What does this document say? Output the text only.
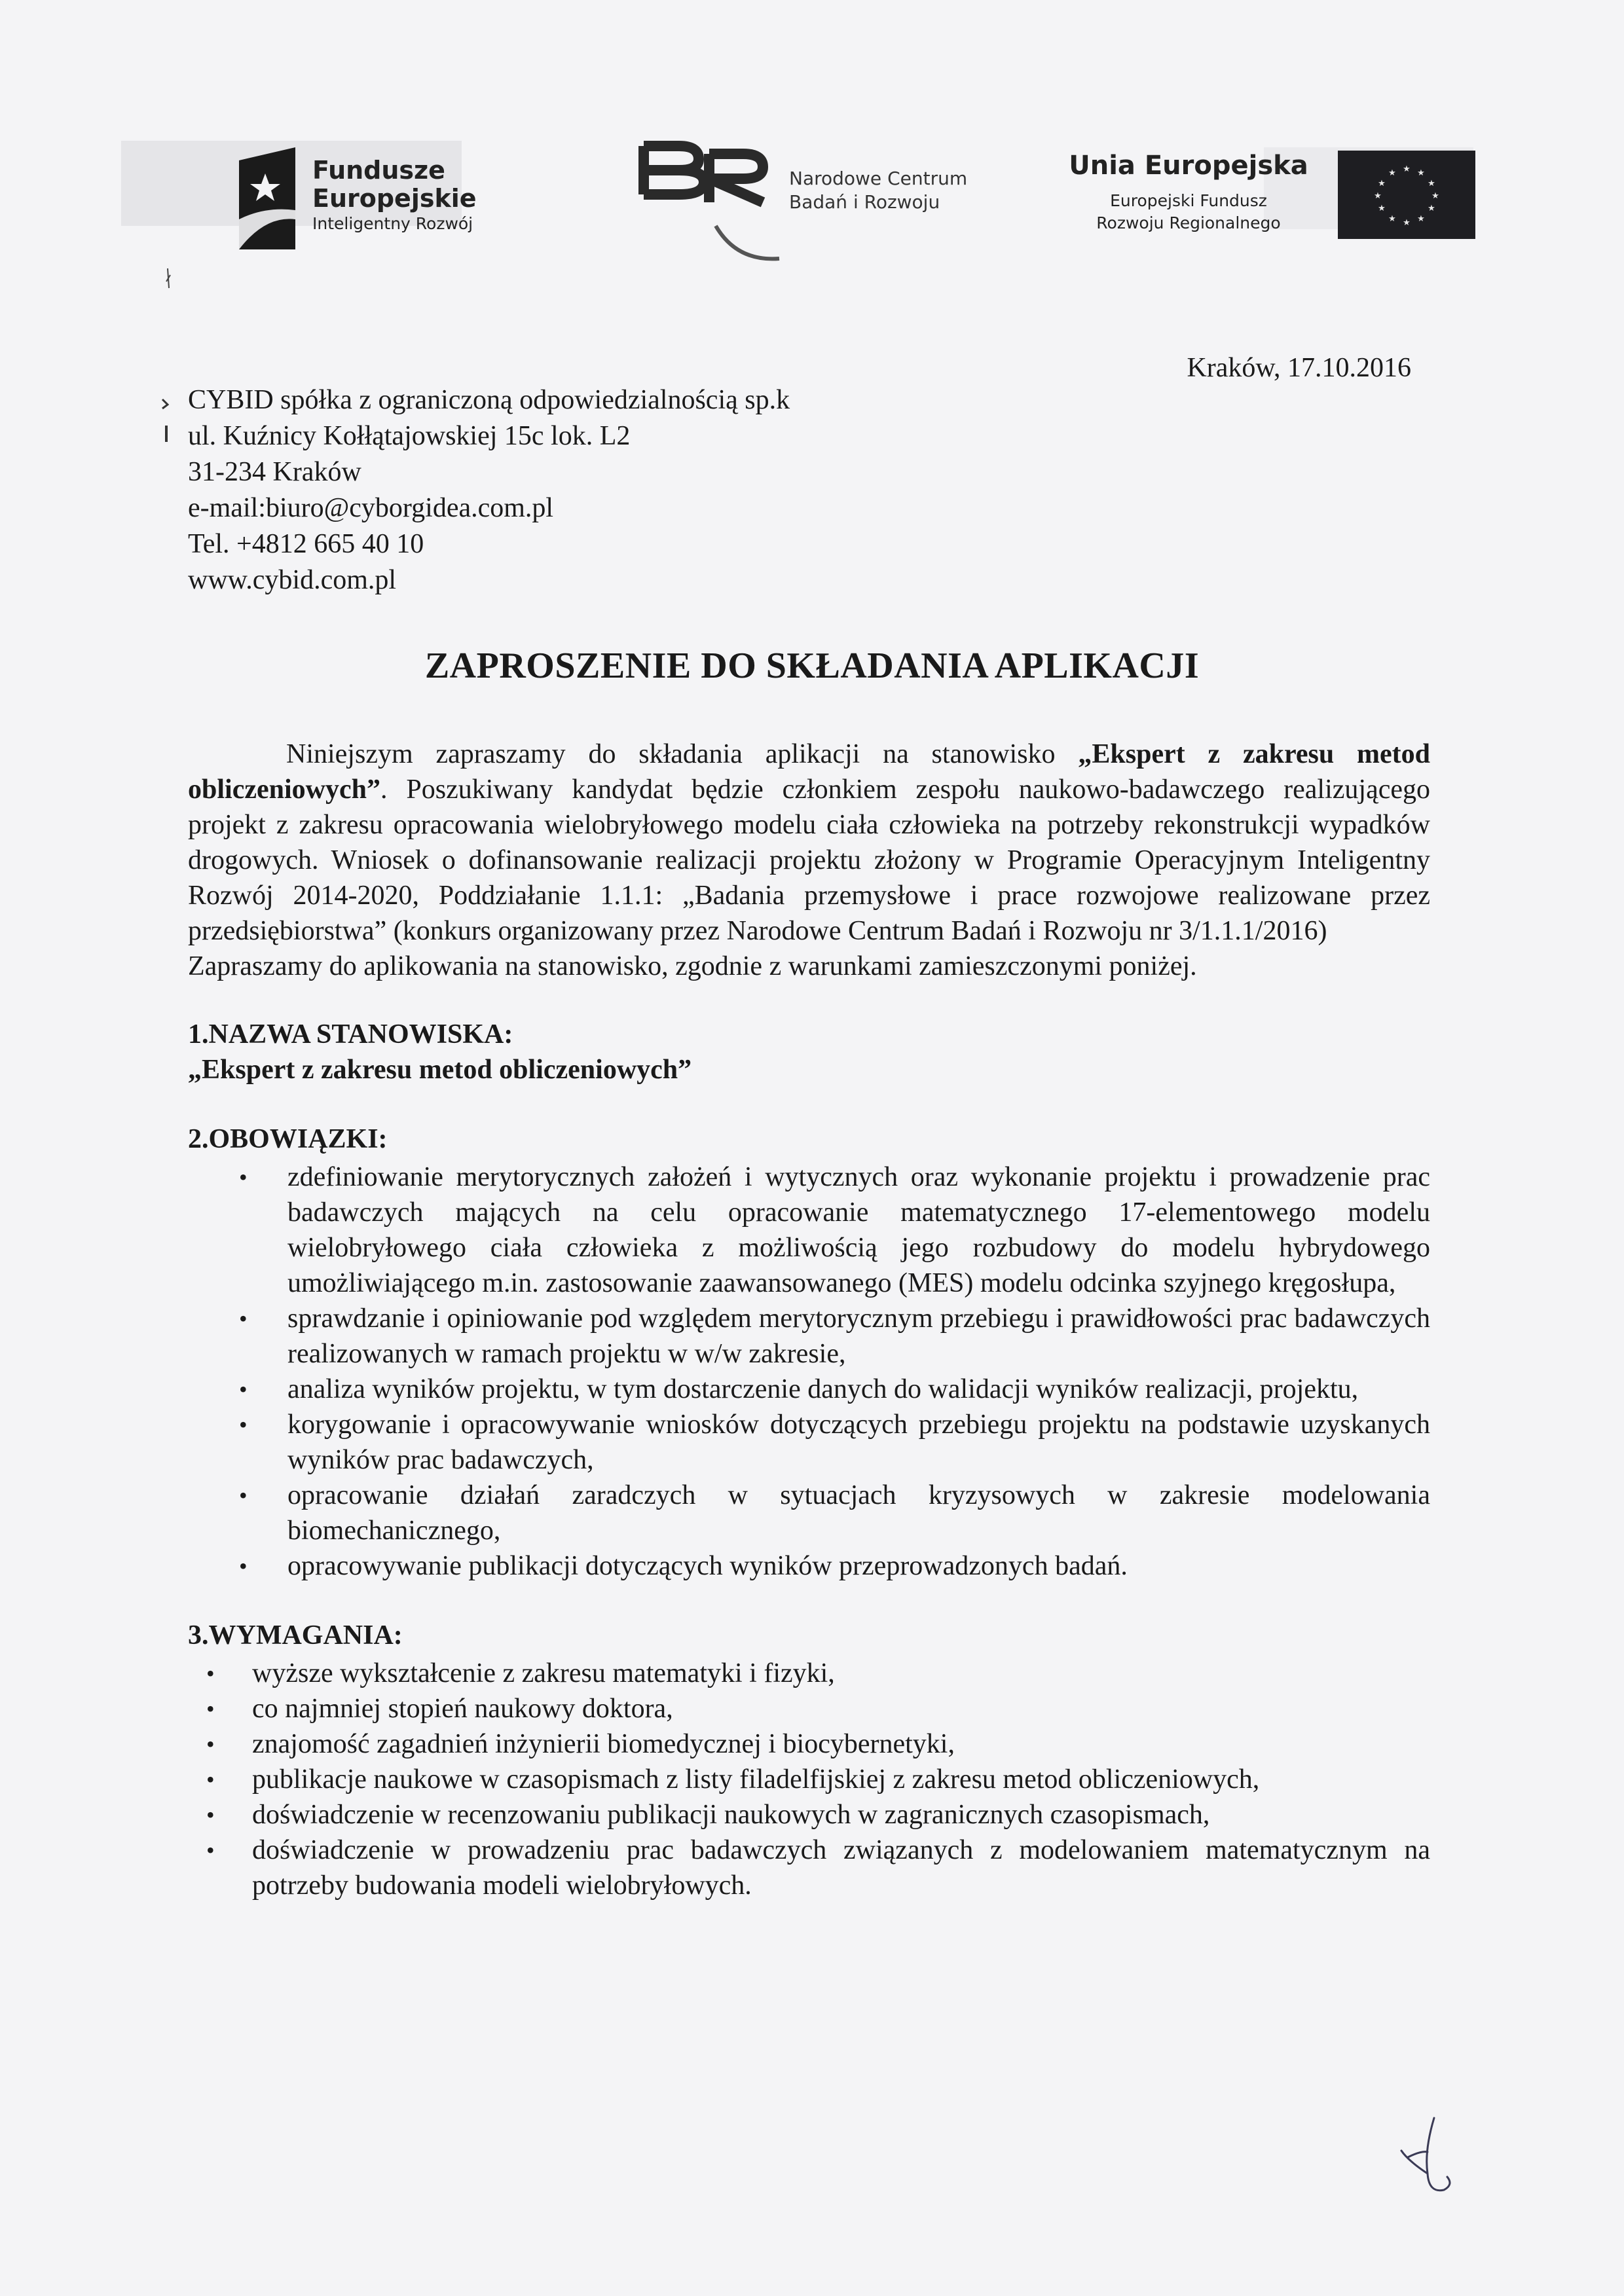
Fundusze
Europejskie
Inteligentny Rozwój
Narodowe Centrum
Badań i Rozwoju
Unia Europejska
Europejski Fundusz
Rozwoju Regionalnego
★ ★
★
★
★
★
★
★
★
★
★
★
Kraków, 17.10.2016
CYBID spółka z ograniczoną odpowiedzialnością sp.k
ul. Kuźnicy Kołłątajowskiej 15c lok. L2
31-234 Kraków
e-mail:biuro@cyborgidea.com.pl
Tel. +4812 665 40 10
www.cybid.com.pl
ZAPROSZENIE DO SKŁADANIA APLIKACJI

Niniejszym zapraszamy do składania aplikacji na stanowisko „Ekspert z zakresu metod obliczeniowych”. Poszukiwany kandydat będzie członkiem zespołu naukowo-badawczego realizującego projekt z zakresu opracowania wielobryłowego modelu ciała człowieka na potrzeby rekonstrukcji wypadków drogowych. Wniosek o dofinansowanie realizacji projektu złożony w Programie Operacyjnym Inteligentny Rozwój 2014-2020, Poddziałanie 1.1.1: „Badania przemysłowe i prace rozwojowe realizowane przez przedsiębiorstwa” (konkurs organizowany przez Narodowe Centrum Badań i Rozwoju nr 3/1.1.1/2016)

Zapraszamy do aplikowania na stanowisko, zgodnie z warunkami zamieszczonymi poniżej.

1.NAZWA STANOWISKA:

„Ekspert z zakresu metod obliczeniowych”

2.OBOWIĄZKI:

• zdefiniowanie merytorycznych założeń i wytycznych oraz wykonanie projektu i prowadzenie prac badawczych mających na celu opracowanie matematycznego 17-elementowego modelu wielobryłowego ciała człowieka z możliwością jego rozbudowy do modelu hybrydowego umożliwiającego m.in. zastosowanie zaawansowanego (MES) modelu odcinka szyjnego kręgosłupa,
• sprawdzanie i opiniowanie pod względem merytorycznym przebiegu i prawidłowości prac badawczych realizowanych w ramach projektu w w/w zakresie,
• analiza wyników projektu, w tym dostarczenie danych do walidacji wyników realizacji, projektu,
• korygowanie i opracowywanie wniosków dotyczących przebiegu projektu na podstawie uzyskanych wyników prac badawczych,
• opracowanie działań zaradczych w sytuacjach kryzysowych w zakresie modelowania biomechanicznego,
• opracowywanie publikacji dotyczących wyników przeprowadzonych badań.

3.WYMAGANIA:

• wyższe wykształcenie z zakresu matematyki i fizyki,
• co najmniej stopień naukowy doktora,
• znajomość zagadnień inżynierii biomedycznej i biocybernetyki,
• publikacje naukowe w czasopismach z listy filadelfijskiej z zakresu metod obliczeniowych,
• doświadczenie w recenzowaniu publikacji naukowych w zagranicznych czasopismach,
• doświadczenie w prowadzeniu prac badawczych związanych z modelowaniem matematycznym na potrzeby budowania modeli wielobryłowych.
